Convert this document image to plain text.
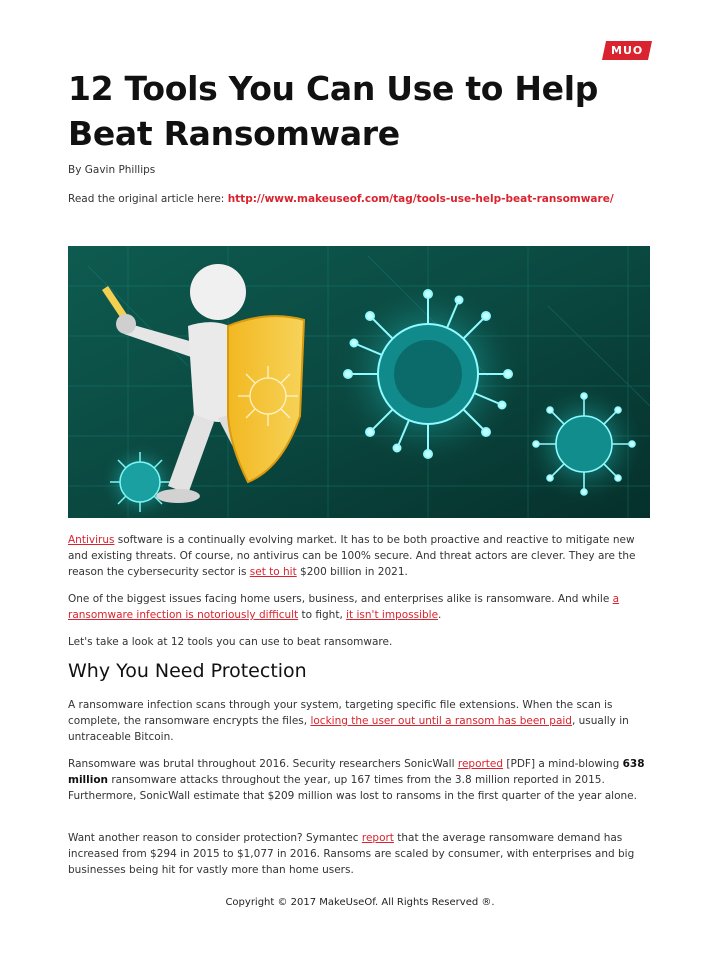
MUO
12 Tools You Can Use to Help Beat Ransomware
By Gavin Phillips
Read the original article here: http://www.makeuseof.com/tag/tools-use-help-beat-ransomware/

Antivirus software is a continually evolving market. It has to be both proactive and reactive to mitigate new and existing threats. Of course, no antivirus can be 100% secure. And threat actors are clever. They are the reason the cybersecurity sector is set to hit $200 billion in 2021.

One of the biggest issues facing home users, business, and enterprises alike is ransomware. And while a ransomware infection is notoriously difficult to fight, it isn't impossible.

Let's take a look at 12 tools you can use to beat ransomware.

Why You Need Protection

A ransomware infection scans through your system, targeting specific file extensions. When the scan is complete, the ransomware encrypts the files, locking the user out until a ransom has been paid, usually in untraceable Bitcoin.

Ransomware was brutal throughout 2016. Security researchers SonicWall reported [PDF] a mind-blowing 638 million ransomware attacks throughout the year, up 167 times from the 3.8 million reported in 2015. Furthermore, SonicWall estimate that $209 million was lost to ransoms in the first quarter of the year alone.

Want another reason to consider protection? Symantec report that the average ransomware demand has increased from $294 in 2015 to $1,077 in 2016. Ransoms are scaled by consumer, with enterprises and big businesses being hit for vastly more than home users.

Copyright © 2017 MakeUseOf. All Rights Reserved ®.
